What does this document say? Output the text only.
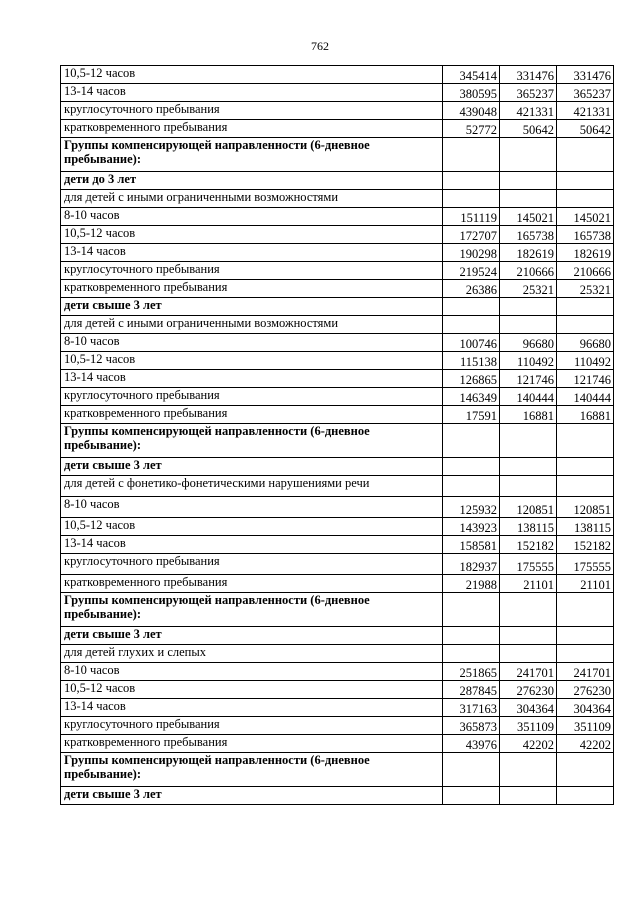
762
10,5-12 часов	345414	331476	331476
13-14 часов	380595	365237	365237
круглосуточного пребывания	439048	421331	421331
кратковременного пребывания	52772	50642	50642
Группы компенсирующей направленности (6-дневное пребывание):			
дети до 3 лет			
для детей с иными ограниченными возможностями			
8-10 часов	151119	145021	145021
10,5-12 часов	172707	165738	165738
13-14 часов	190298	182619	182619
круглосуточного пребывания	219524	210666	210666
кратковременного пребывания	26386	25321	25321
дети свыше 3 лет			
для детей с иными ограниченными возможностями			
8-10 часов	100746	96680	96680
10,5-12 часов	115138	110492	110492
13-14 часов	126865	121746	121746
круглосуточного пребывания	146349	140444	140444
кратковременного пребывания	17591	16881	16881
Группы компенсирующей направленности (6-дневное пребывание):			
дети свыше 3 лет			
для детей с фонетико-фонетическими нарушениями речи			
8-10 часов	125932	120851	120851
10,5-12 часов	143923	138115	138115
13-14 часов	158581	152182	152182
круглосуточного пребывания	182937	175555	175555
кратковременного пребывания	21988	21101	21101
Группы компенсирующей направленности (6-дневное пребывание):			
дети свыше 3 лет			
для детей глухих и слепых			
8-10 часов	251865	241701	241701
10,5-12 часов	287845	276230	276230
13-14 часов	317163	304364	304364
круглосуточного пребывания	365873	351109	351109
кратковременного пребывания	43976	42202	42202
Группы компенсирующей направленности (6-дневное пребывание):			
дети свыше 3 лет			
